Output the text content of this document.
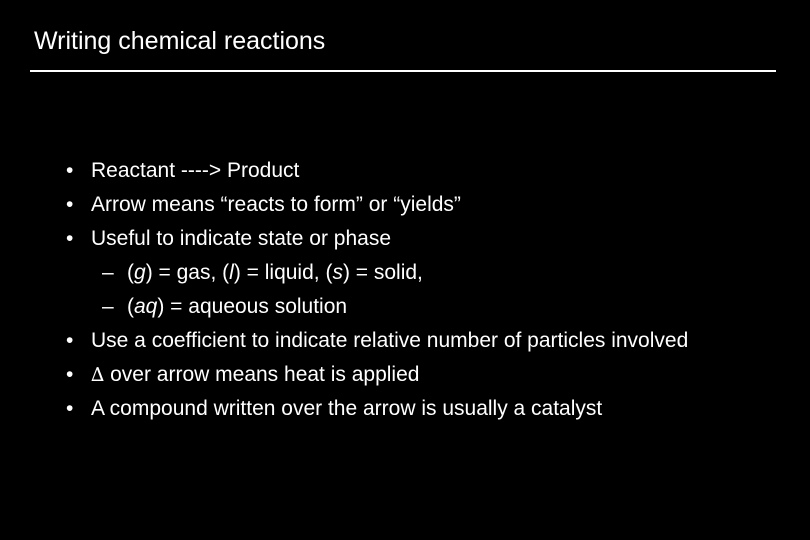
Writing chemical reactions
• Reactant ----> Product
• Arrow means “reacts to form” or “yields”
• Useful to indicate state or phase
– (g) = gas, (l) = liquid, (s) = solid,
– (aq) = aqueous solution
• Use a coefficient to indicate relative number of particles involved
• ∆ over arrow means heat is applied
• A compound written over the arrow is usually a catalyst
